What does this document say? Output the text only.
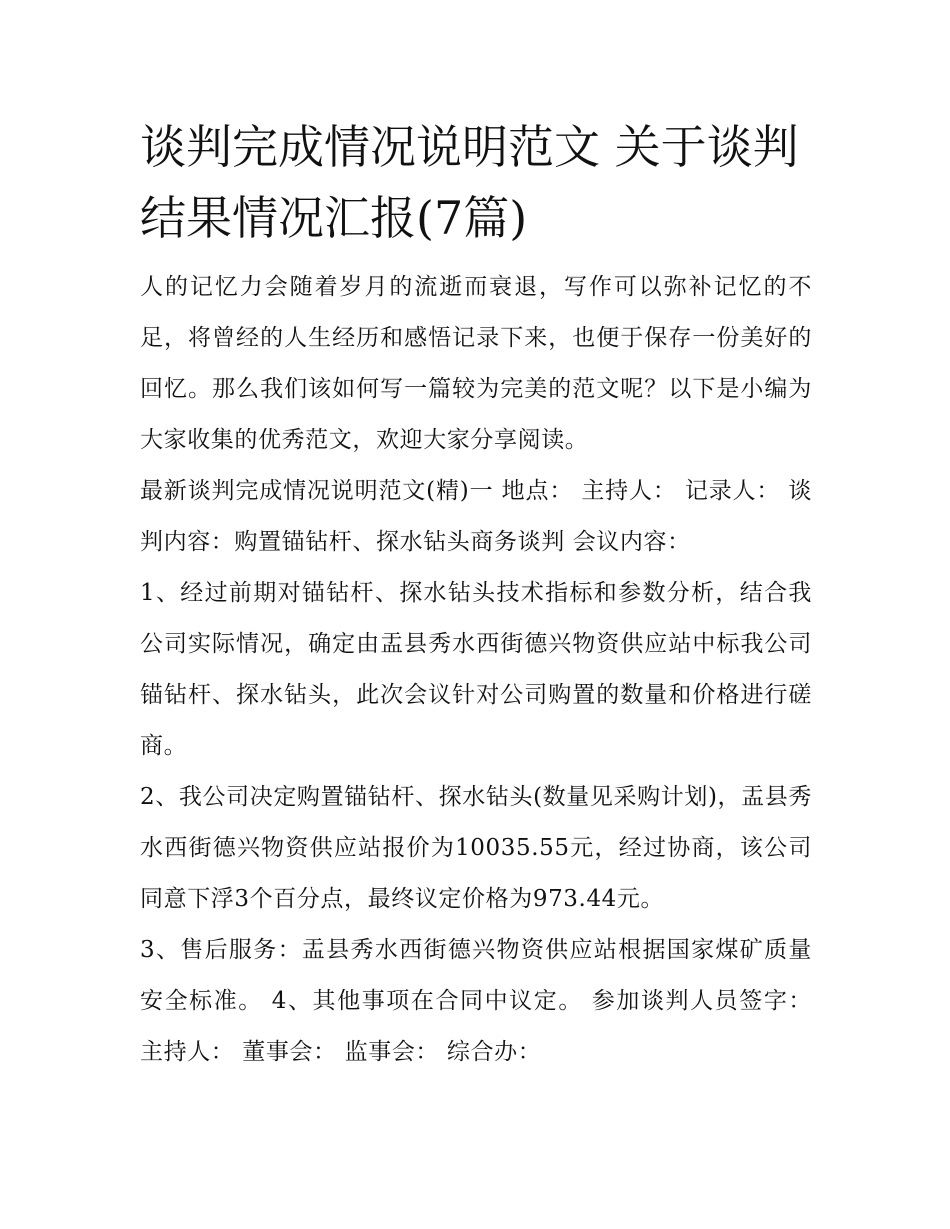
谈判完成情况说明范文 关于谈判结果情况汇报(7篇)

人的记忆力会随着岁月的流逝而衰退，写作可以弥补记忆的不足，将曾经的人生经历和感悟记录下来，也便于保存一份美好的回忆。那么我们该如何写一篇较为完美的范文呢？以下是小编为大家收集的优秀范文，欢迎大家分享阅读。

最新谈判完成情况说明范文(精)一 地点： 主持人： 记录人： 谈判内容：购置锚钻杆、探水钻头商务谈判 会议内容：

1、经过前期对锚钻杆、探水钻头技术指标和参数分析，结合我公司实际情况，确定由盂县秀水西街德兴物资供应站中标我公司锚钻杆、探水钻头，此次会议针对公司购置的数量和价格进行磋商。

2、我公司决定购置锚钻杆、探水钻头(数量见采购计划)，盂县秀水西街德兴物资供应站报价为10035.55元，经过协商，该公司同意下浮3个百分点，最终议定价格为973.44元。

3、售后服务：盂县秀水西街德兴物资供应站根据国家煤矿质量安全标准。 4、其他事项在合同中议定。 参加谈判人员签字： 主持人： 董事会： 监事会： 综合办：
